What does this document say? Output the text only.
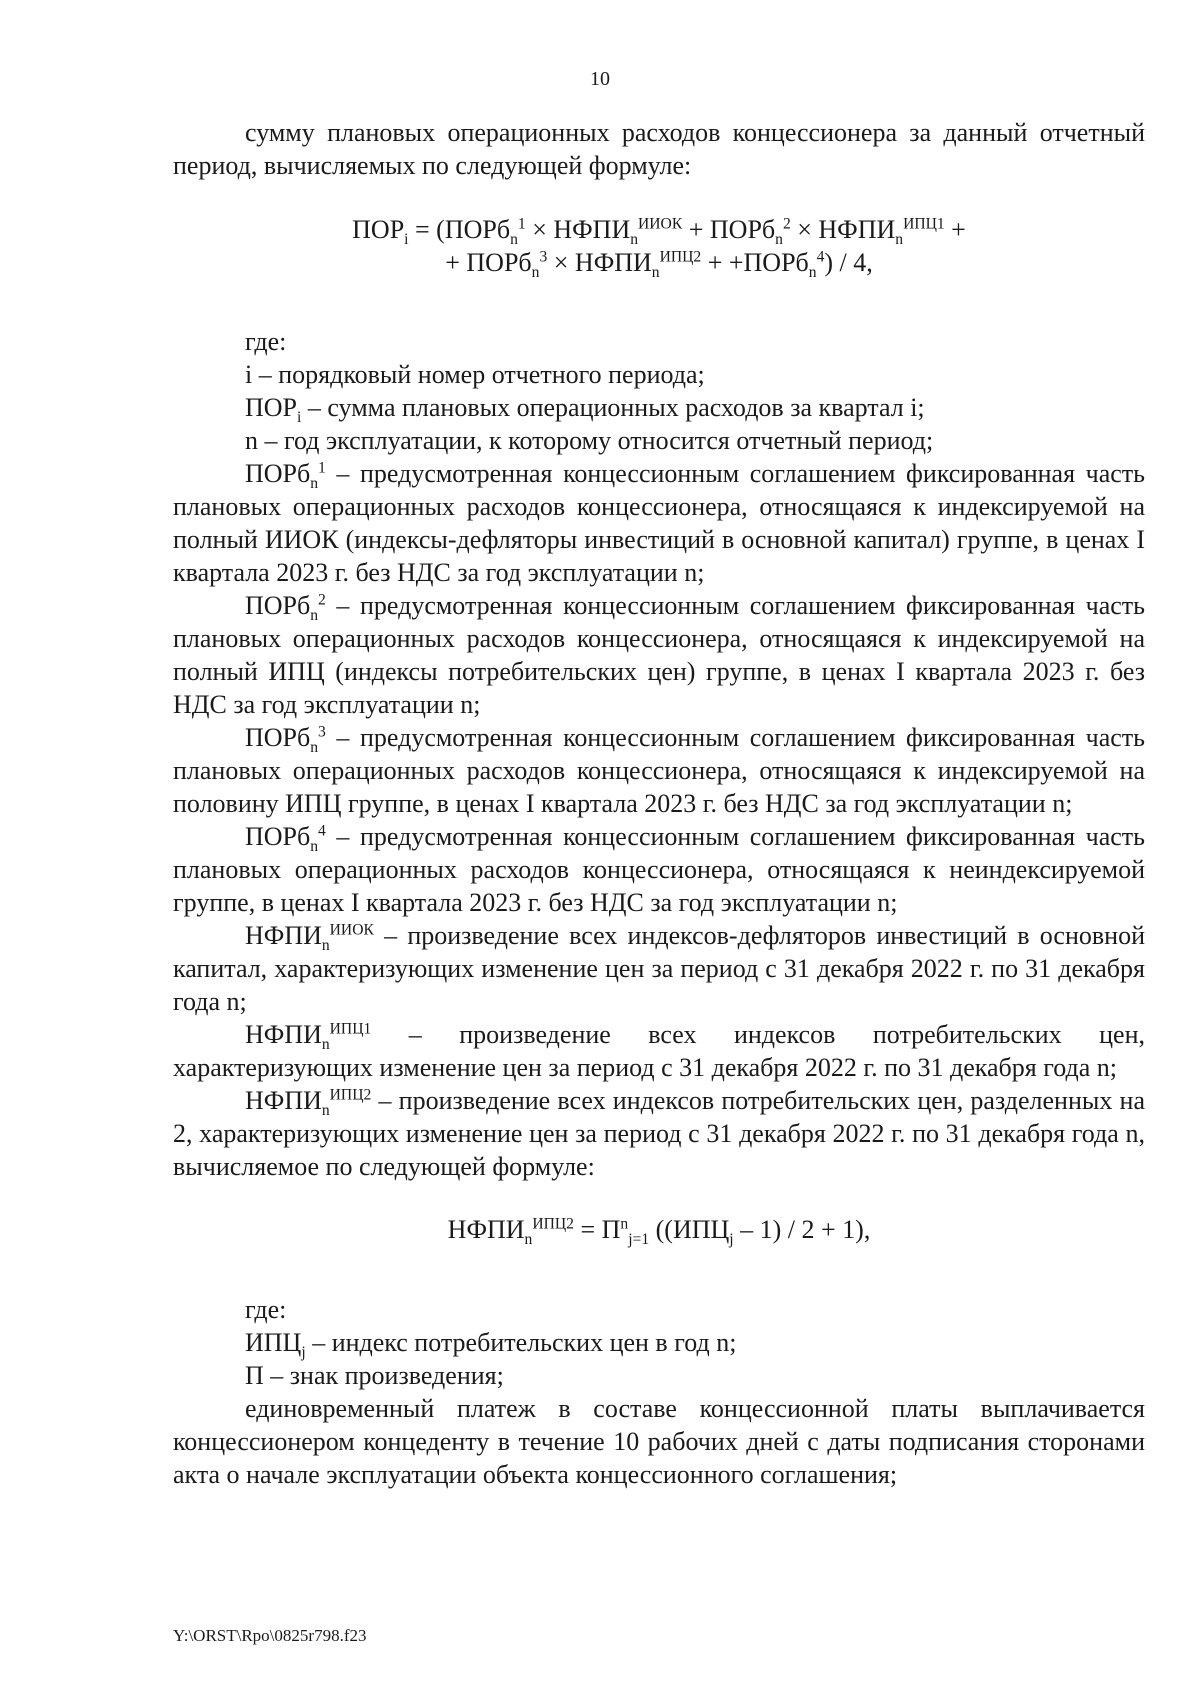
10

сумму плановых операционных расходов концессионера за данный отчетный период, вычисляемых по следующей формуле:

$ПОР_i$ = (ПОРб$_n^1$ × $НФПИ_n^{ИИОК}$ + ПОРб$_n^2$ × $НФПИ_n^{ИПЦ1}$ +

+ ПОРб$_n^3$ × $НФПИ_n^{ИПЦ2}$ + +ПОРб$_n^4$) / 4,

где:

i – порядковый номер отчетного периода;

$ПОР_i$ – сумма плановых операционных расходов за квартал i;

n – год эксплуатации, к которому относится отчетный период;

ПОРб$_n^1$ – предусмотренная концессионным соглашением фиксированная часть плановых операционных расходов концессионера, относящаяся к индексируемой на полный ИИОК (индексы-дефляторы инвестиций в основной капитал) группе, в ценах I квартала 2023 г. без НДС за год эксплуатации n;

ПОРб$_n^2$ – предусмотренная концессионным соглашением фиксированная часть плановых операционных расходов концессионера, относящаяся к индексируемой на полный ИПЦ (индексы потребительских цен) группе, в ценах I квартала 2023 г. без НДС за год эксплуатации n;

ПОРб$_n^3$ – предусмотренная концессионным соглашением фиксированная часть плановых операционных расходов концессионера, относящаяся к индексируемой на половину ИПЦ группе, в ценах I квартала 2023 г. без НДС за год эксплуатации n;

ПОРб$_n^4$ – предусмотренная концессионным соглашением фиксированная часть плановых операционных расходов концессионера, относящаяся к неиндексируемой группе, в ценах I квартала 2023 г. без НДС за год эксплуатации n;

$НФПИ_n^{ИИОК}$ – произведение всех индексов-дефляторов инвестиций в основной капитал, характеризующих изменение цен за период с 31 декабря 2022 г. по 31 декабря года n;

$НФПИ_n^{ИПЦ1}$ – произведение всех индексов потребительских цен, характеризующих изменение цен за период с 31 декабря 2022 г. по 31 декабря года n;

$НФПИ_n^{ИПЦ2}$ – произведение всех индексов потребительских цен, разделенных на 2, характеризующих изменение цен за период с 31 декабря 2022 г. по 31 декабря года n, вычисляемое по следующей формуле:

$НФПИ_n^{ИПЦ2} = П^n_{j=1}$ $((ИПЦ_j - 1) / 2 + 1)$,

где:

$ИПЦ_j$ – индекс потребительских цен в год n;

П – знак произведения;

единовременный платеж в составе концессионной платы выплачивается концессионером концеденту в течение 10 рабочих дней с даты подписания сторонами акта о начале эксплуатации объекта концессионного соглашения;

Y:\ORST\Rpo\0825r798.f23
